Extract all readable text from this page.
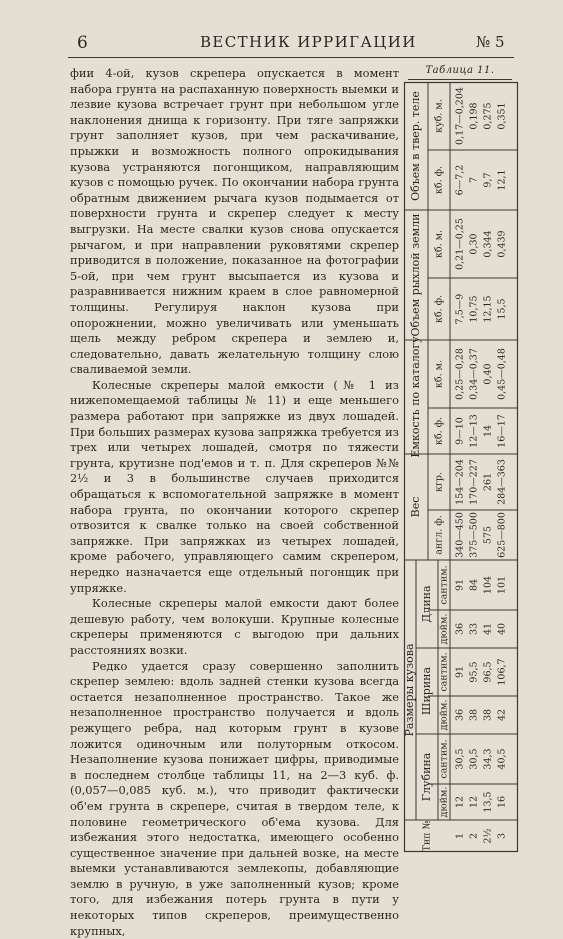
6	ВЕСТНИК ИРРИГАЦИИ	№ 5

фии 4-ой, кузов скрепера опускается в момент набора грунта на распаханную поверхность выемки и лезвие кузова встречает грунт при небольшом угле наклонения днища к горизонту. При тяге запряжки грунт заполняет кузов, при чем раскачивание, прыжки и возможность полного опрокидывания кузова устраняются погонщиком, направляющим кузов с помощью ручек. По окончании набора грунта обратным движением рычага кузов подымается от поверхности грунта и скрепер следует к месту выгрузки. На месте свалки кузов снова опускается рычагом, и при направлении руковятями скрепер приводится в положение, показанное на фотографии 5-ой, при чем грунт высыпается из кузова и разравнивается нижним краем в слое равномерной толщины. Регулируя наклон кузова при опорожнении, можно увеличивать или уменьшать щель между ребром скрепера и землею и, следовательно, давать желательную толщину слою сваливаемой земли.

Колесные скреперы малой емкости (№ 1 из нижепомещаемой таблицы № 11) и еще меньшего размера работают при запряжке из двух лошадей. При больших размерах кузова запряжка требуется из трех или четырех лошадей, смотря по тяжести грунта, крутизне под'емов и т. п. Для скреперов №№ 2½ и 3 в большинстве случаев приходится обращаться к вспомогательной запряжке в момент набора грунта, по окончании которого скрепер отвозится к свалке только на своей собственной запряжке. При запряжках из четырех лошадей, кроме рабочего, управляющего самим скрепером, нередко назначается еще отдельный погонщик при упряжке.

Колесные скреперы малой емкости дают более дешевую работу, чем волокуши. Крупные колесные скреперы применяются с выгодою при дальних расстояниях возки.

Редко удается сразу совершенно заполнить скрепер землею: вдоль задней стенки кузова всегда остается незаполненное пространство. Такое же незаполненное пространство получается и вдоль режущего ребра, над которым грунт в кузове ложится одиночным или полуторным откосом. Незаполнение кузова понижает цифры, приводимые в последнем столбце таблицы 11, на 2—3 куб. ф. (0,057—0,085 куб. м.), что приводит фактически об'ем грунта в скрепере, считая в твердом теле, к половине геометрического об'ема кузова. Для избежания этого недостатка, имеющего особенно существенное значение при дальней возке, на месте выемки устанавливаются землекопы, добавляющие землю в ручную, в уже заполненный кузов; кроме того, для избежания потерь грунта в пути у некоторых типов скреперов, преимущественно крупных,

Таблица 11.
Объем в твер. теле
Объем рыхлой земли
Емкость по каталогу
Вес
Размеры кузова
Тип №
Длина
Ширина
Глубина
куб. м.
кб. ф.
кб. м.
кб. ф.
кб. м.
кб. ф.
кгр.
англ. ф.
сантим.
дюйм.
сантим.
дюйм.
сантим.
дюйм.
0,17—0,204 0,198 0,275 0,351
6—7,2 7 9,7 12,1
0,21—0,25 0,30 0,344 0,439
7,5—9 10,75 12,15 15,5
0,25—0,28 0,34—0,37 0,40 0,45—0,48
9—10 12—13 14 16—17
154—204 170—227 261 284—363
340—450 375—500 575 625—800
91 84 104 101
36 33 41 40
91 95,5 96,5 106,7
36 38 38 42
30,5 30,5 34,3 40,5
12 12 13,5 16
1 2 2½ 3
